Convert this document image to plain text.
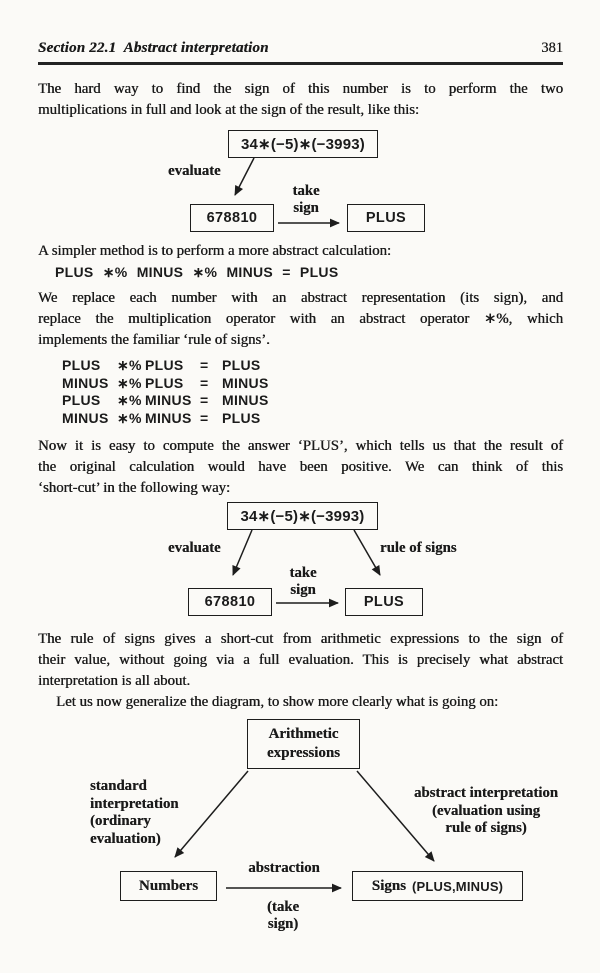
Section 22.1  Abstract interpretation	381
The hard way to find the sign of this number is to perform the two
multiplications in full and look at the sign of the result, like this:
34∗(−5)∗(−3993)
evaluate
take
sign
678810	PLUS
A simpler method is to perform a more abstract calculation:
PLUS ∗% MINUS ∗% MINUS = PLUS
We replace each number with an abstract representation (its sign), and
replace the multiplication operator with an abstract operator ∗%, which
implements the familiar ‘rule of signs’.
PLUS	∗% PLUS	= PLUS
MINUS ∗% PLUS	= MINUS
PLUS	∗% MINUS = MINUS
MINUS ∗% MINUS = PLUS
Now it is easy to compute the answer ‘PLUS’, which tells us that the result of
the original calculation would have been positive. We can think of this
‘short-cut’ in the following way:
34∗(−5)∗(−3993)
evaluate	rule of signs
take
sign
678810	PLUS
The rule of signs gives a short-cut from arithmetic expressions to the sign of
their value, without going via a full evaluation. This is precisely what abstract
interpretation is all about.
Let us now generalize the diagram, to show more clearly what is going on:
Arithmetic
expressions
standard
interpretation
(ordinary
evaluation)
abstract interpretation
(evaluation using
rule of signs)
abstraction
Numbers	Signs (PLUS,MINUS)
(take
sign)
